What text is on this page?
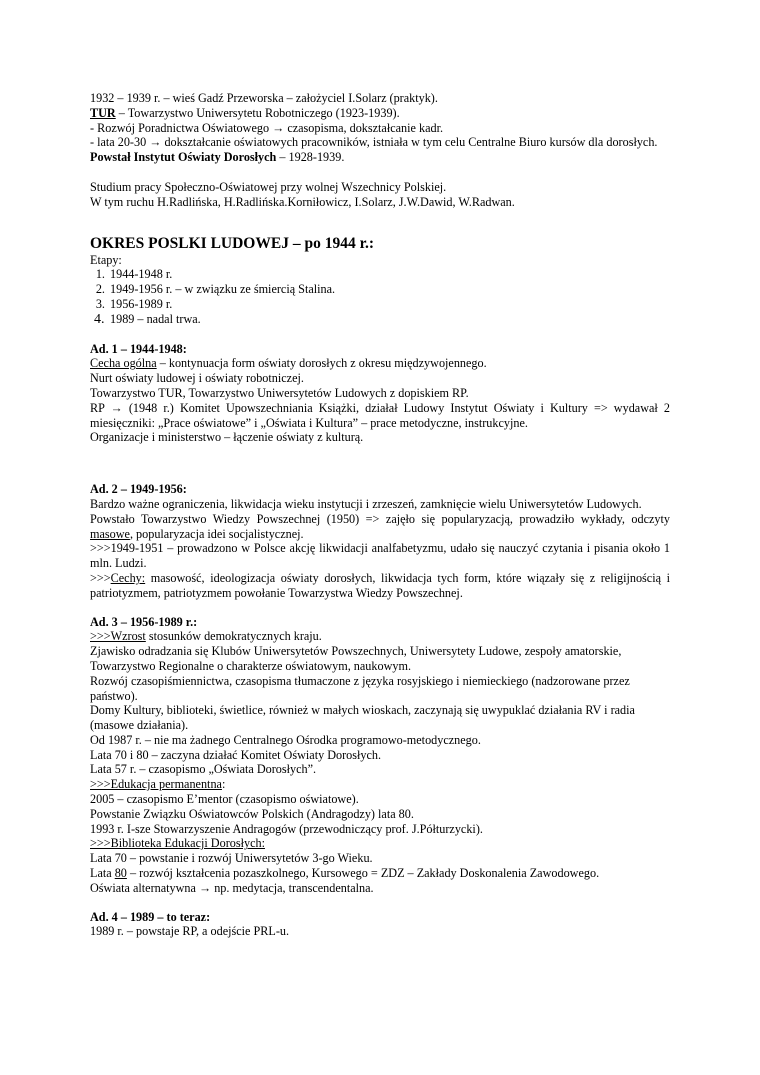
1932 – 1939 r. – wieś Gadź Przeworska – założyciel I.Solarz (praktyk).
TUR – Towarzystwo Uniwersytetu Robotniczego (1923-1939).
- Rozwój Poradnictwa Oświatowego → czasopisma, dokształcanie kadr.
- lata 20-30 → dokształcanie oświatowych pracowników, istniała w tym celu Centralne Biuro kursów dla dorosłych.
Powstał Instytut Oświaty Dorosłych – 1928-1939.
Studium pracy Społeczno-Oświatowej przy wolnej Wszechnicy Polskiej.
W tym ruchu H.Radlińska, H.Radlińska.Korniłowicz, I.Solarz, J.W.Dawid, W.Radwan.
OKRES POSLKI LUDOWEJ – po 1944 r.:
Etapy:
1. 1944-1948 r.
2. 1949-1956 r. – w związku ze śmiercią Stalina.
3. 1956-1989 r.
4. 1989 – nadal trwa.
Ad. 1 – 1944-1948:
Cecha ogólna – kontynuacja form oświaty dorosłych z okresu międzywojennego.
Nurt oświaty ludowej i oświaty robotniczej.
Towarzystwo TUR, Towarzystwo Uniwersytetów Ludowych z dopiskiem RP.
RP → (1948 r.) Komitet Upowszechniania Książki, działał Ludowy Instytut Oświaty i Kultury => wydawał 2 miesięczniki: „Prace oświatowe” i „Oświata i Kultura” – prace metodyczne, instrukcyjne.
Organizacje i ministerstwo – łączenie oświaty z kulturą.
Ad. 2 – 1949-1956:
Bardzo ważne ograniczenia, likwidacja wieku instytucji i zrzeszeń, zamknięcie wielu Uniwersytetów Ludowych.
Powstało Towarzystwo Wiedzy Powszechnej (1950) => zajęło się popularyzacją, prowadziło wykłady, odczyty masowe, popularyzacja idei socjalistycznej.
>>>1949-1951 – prowadzono w Polsce akcję likwidacji analfabetyzmu, udało się nauczyć czytania i pisania około 1 mln. Ludzi.
>>>Cechy: masowość, ideologizacja oświaty dorosłych, likwidacja tych form, które wiązały się z religijnością i patriotyzmem, patriotyzmem powołanie Towarzystwa Wiedzy Powszechnej.
Ad. 3 – 1956-1989 r.:
>>>Wzrost stosunków demokratycznych kraju.
Zjawisko odradzania się Klubów Uniwersytetów Powszechnych, Uniwersytety Ludowe, zespoły amatorskie, Towarzystwo Regionalne o charakterze oświatowym, naukowym.
Rozwój czasopiśmiennictwa, czasopisma tłumaczone z języka rosyjskiego i niemieckiego (nadzorowane przez państwo).
Domy Kultury, biblioteki, świetlice, również w małych wioskach, zaczynają się uwypuklać działania RV i radia (masowe działania).
Od 1987 r. – nie ma żadnego Centralnego Ośrodka programowo-metodycznego.
Lata 70 i 80 – zaczyna działać Komitet Oświaty Dorosłych.
Lata 57 r. – czasopismo „Oświata Dorosłych”.
>>>Edukacja permanentna:
2005 – czasopismo E’mentor (czasopismo oświatowe).
Powstanie Związku Oświatowców Polskich (Andragodzy) lata 80.
1993 r. I-sze Stowarzyszenie Andragogów (przewodniczący prof. J.Półturzycki).
>>>Biblioteka Edukacji Dorosłych:
Lata 70 – powstanie i rozwój Uniwersytetów 3-go Wieku.
Lata 80 – rozwój kształcenia pozaszkolnego, Kursowego = ZDZ – Zakłady Doskonalenia Zawodowego.
Oświata alternatywna → np. medytacja, transcendentalna.
Ad. 4 – 1989 – to teraz:
1989 r. – powstaje RP, a odejście PRL-u.
